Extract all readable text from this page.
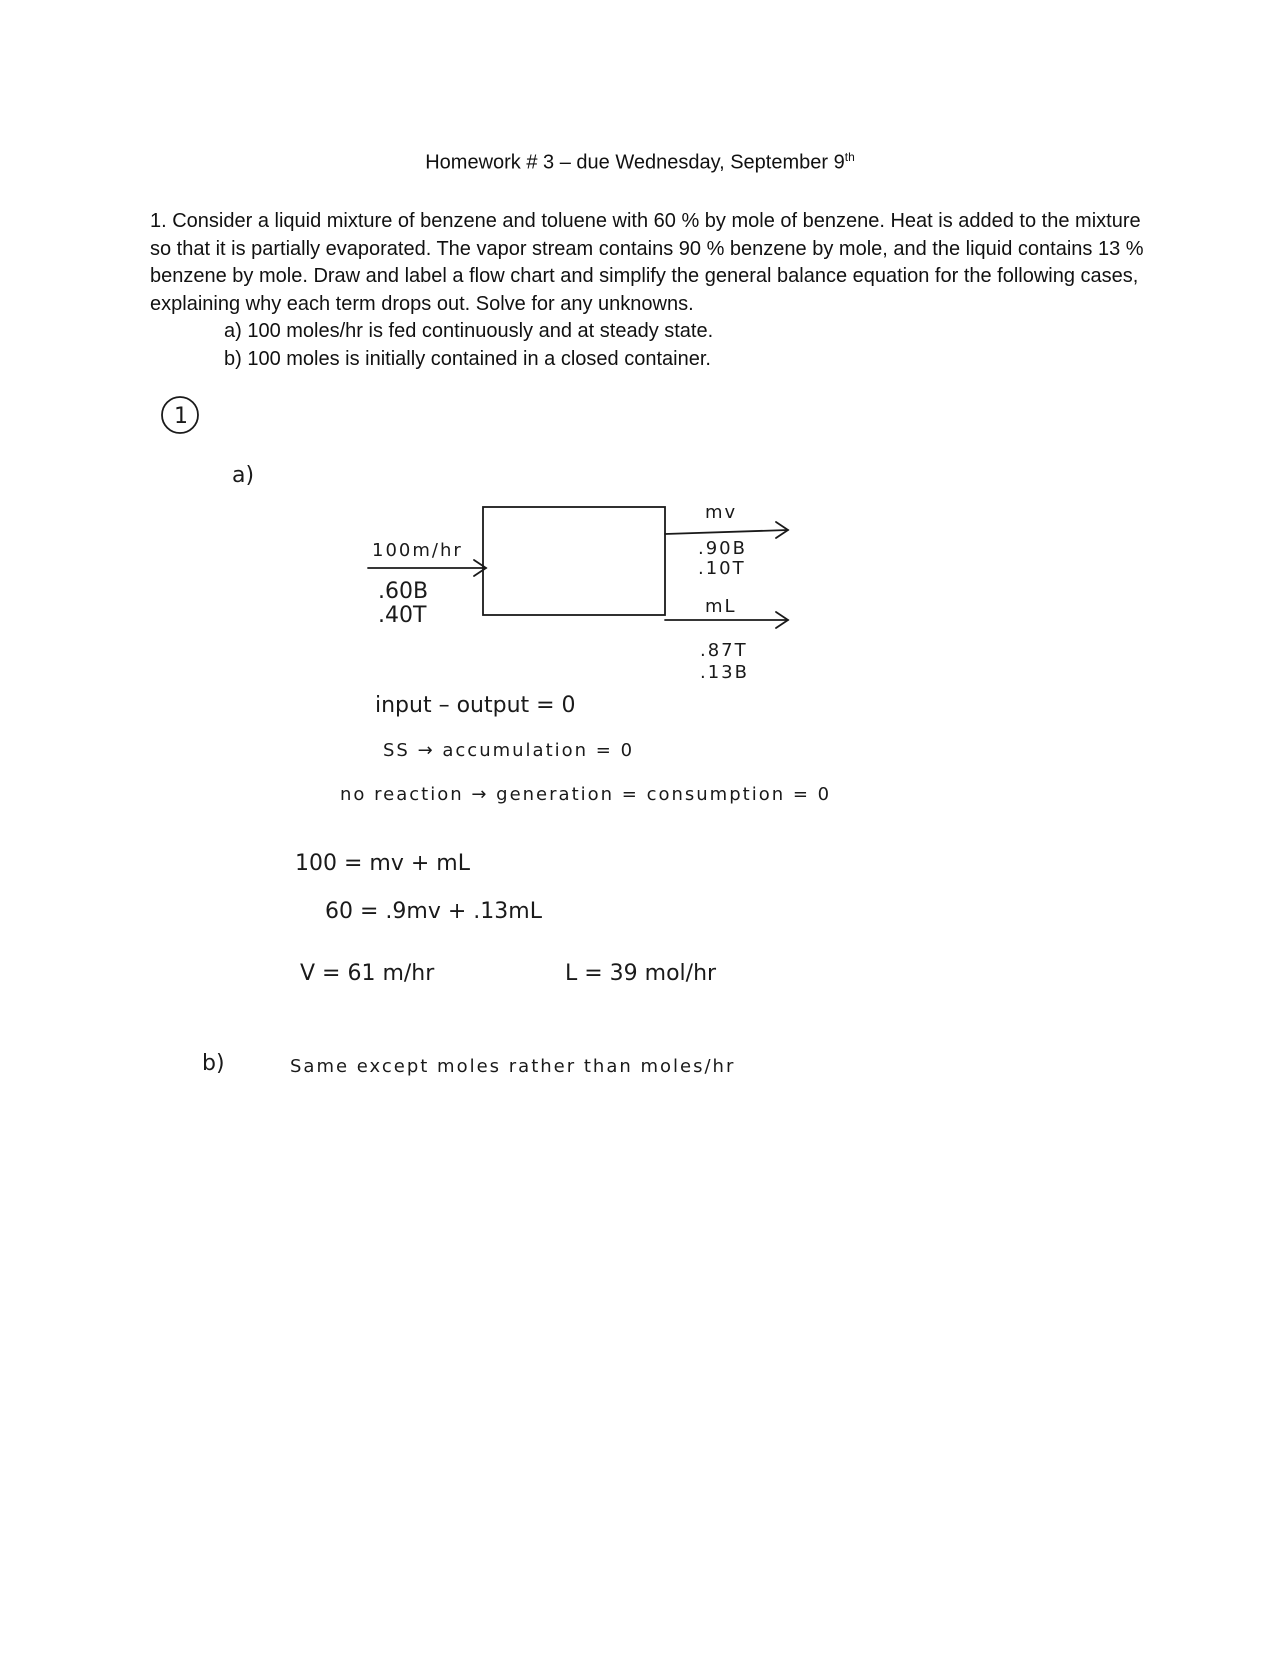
Homework # 3 – due Wednesday, September 9th

1. Consider a liquid mixture of benzene and toluene with 60 % by mole of benzene. Heat is added to the mixture so that it is partially evaporated. The vapor stream contains 90 % benzene by mole, and the liquid contains 13 % benzene by mole. Draw and label a flow chart and simplify the general balance equation for the following cases, explaining why each term drops out. Solve for any unknowns.

a) 100 moles/hr is fed continuously and at steady state.

b) 100 moles is initially contained in a closed container.

1
a)
100m/hr
.60B
.40T
mv
.90B
.10T
mL
.87T
.13B
input – output = 0
SS → accumulation = 0
no reaction → generation = consumption = 0
100 = mv + mL
60 = .9mv + .13mL
V = 61 m/hr	L = 39 mol/hr
b)	Same except moles rather than moles/hr
